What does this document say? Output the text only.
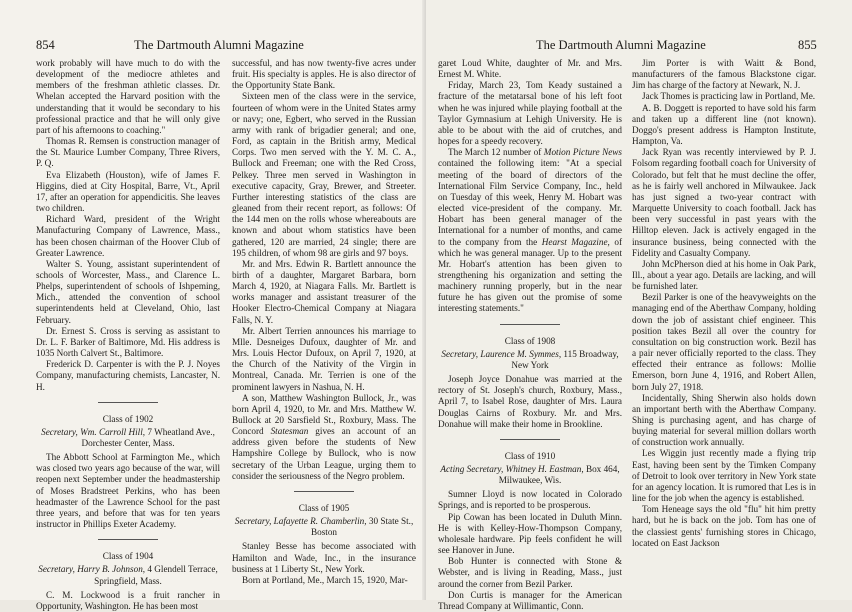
854	The Dartmouth Alumni Magazine

work probably will have much to do with the development of the mediocre athletes and members of the freshman athletic classes. Dr. Whelan accepted the Harvard position with the understanding that it would be secondary to his professional practice and that he will only give part of his afternoons to coaching."

Thomas R. Remsen is construction manager of the St. Maurice Lumber Company, Three Rivers, P. Q.

Eva Elizabeth (Houston), wife of James F. Higgins, died at City Hospital, Barre, Vt., April 17, after an operation for appendicitis. She leaves two children.

Richard Ward, president of the Wright Manufacturing Company of Lawrence, Mass., has been chosen chairman of the Hoover Club of Greater Lawrence.

Walter S. Young, assistant superintendent of schools of Worcester, Mass., and Clarence L. Phelps, superintendent of schools of Ishpeming, Mich., attended the convention of school superintendents held at Cleveland, Ohio, last February.

Dr. Ernest S. Cross is serving as assistant to Dr. L. F. Barker of Baltimore, Md. His address is 1035 North Calvert St., Baltimore.

Frederick D. Carpenter is with the P. J. Noyes Company, manufacturing chemists, Lancaster, N. H.

Class of 1902

Secretary, Wm. Carroll Hill, 7 Wheatland Ave., Dorchester Center, Mass.

The Abbott School at Farmington Me., which was closed two years ago because of the war, will reopen next September under the headmastership of Moses Bradstreet Perkins, who has been headmaster of the Lawrence School for the past three years, and before that was for ten years instructor in Phillips Exeter Academy.

Class of 1904

Secretary, Harry B. Johnson, 4 Glendell Terrace, Springfield, Mass.

C. M. Lockwood is a fruit rancher in Opportunity, Washington. He has been most

successful, and has now twenty-five acres under fruit. His specialty is apples. He is also director of the Opportunity State Bank.

Sixteen men of the class were in the service, fourteen of whom were in the United States army or navy; one, Egbert, who served in the Russian army with rank of brigadier general; and one, Ford, as captain in the British army, Medical Corps. Two men served with the Y. M. C. A., Bullock and Freeman; one with the Red Cross, Pelkey. Three men served in Washington in executive capacity, Gray, Brewer, and Streeter. Further interesting statistics of the class are gleaned from their recent report, as follows: Of the 144 men on the rolls whose whereabouts are known and about whom statistics have been gathered, 120 are married, 24 single; there are 195 children, of whom 98 are girls and 97 boys.

Mr. and Mrs. Edwin R. Bartlett announce the birth of a daughter, Margaret Barbara, born March 4, 1920, at Niagara Falls. Mr. Bartlett is works manager and assistant treasurer of the Hooker Electro-Chemical Company at Niagara Falls, N. Y.

Mr. Albert Terrien announces his marriage to Mlle. Desneiges Dufoux, daughter of Mr. and Mrs. Louis Hector Dufoux, on April 7, 1920, at the Church of the Nativity of the Virgin in Montreal, Canada. Mr. Terrien is one of the prominent lawyers in Nashua, N. H.

A son, Matthew Washington Bullock, Jr., was born April 4, 1920, to Mr. and Mrs. Matthew W. Bullock at 20 Sarsfield St., Roxbury, Mass. The Concord Statesman gives an account of an address given before the students of New Hampshire College by Bullock, who is now secretary of the Urban League, urging them to consider the seriousness of the Negro problem.

Class of 1905

Secretary, Lafayette R. Chamberlin, 30 State St., Boston

Stanley Besse has become associated with Hamilton and Wade, Inc., in the insurance business at 1 Liberty St., New York.

Born at Portland, Me., March 15, 1920, Mar-

The Dartmouth Alumni Magazine	855

garet Loud White, daughter of Mr. and Mrs. Ernest M. White.

Friday, March 23, Tom Keady sustained a fracture of the metatarsal bone of his left foot when he was injured while playing football at the Taylor Gymnasium at Lehigh University. He is able to be about with the aid of crutches, and hopes for a speedy recovery.

The March 12 number of Motion Picture News contained the following item: "At a special meeting of the board of directors of the International Film Service Company, Inc., held on Tuesday of this week, Henry M. Hobart was elected vice-president of the company. Mr. Hobart has been general manager of the International for a number of months, and came to the company from the Hearst Magazine, of which he was general manager. Up to the present Mr. Hobart's attention has been given to strengthening his organization and setting the machinery running properly, but in the near future he has given out the promise of some interesting statements."

Class of 1908

Secretary, Laurence M. Symmes, 115 Broadway, New York

Joseph Joyce Donahue was married at the rectory of St. Joseph's church, Roxbury, Mass., April 7, to Isabel Rose, daughter of Mrs. Laura Douglas Cairns of Roxbury. Mr. and Mrs. Donahue will make their home in Brookline.

Class of 1910

Acting Secretary, Whitney H. Eastman, Box 464, Milwaukee, Wis.

Sumner Lloyd is now located in Colorado Springs, and is reported to be prosperous.

Pip Cowan has been located in Duluth Minn. He is with Kelley-How-Thompson Company, wholesale hardware. Pip feels confident he will see Hanover in June.

Bob Hunter is connected with Stone & Webster, and is living in Reading, Mass., just around the corner from Bezil Parker.

Don Curtis is manager for the American Thread Company at Willimantic, Conn.

Jim Porter is with Waitt & Bond, manufacturers of the famous Blackstone cigar. Jim has charge of the factory at Newark, N. J.

Jack Thomes is practicing law in Portland, Me.

A. B. Doggett is reported to have sold his farm and taken up a different line (not known). Doggo's present address is Hampton Institute, Hampton, Va.

Jack Ryan was recently interviewed by P. J. Folsom regarding football coach for University of Colorado, but felt that he must decline the offer, as he is fairly well anchored in Milwaukee. Jack has just signed a two-year contract with Marquette University to coach football. Jack has been very successful in past years with the Hilltop eleven. Jack is actively engaged in the insurance business, being connected with the Fidelity and Casualty Company.

John McPherson died at his home in Oak Park, Ill., about a year ago. Details are lacking, and will be furnished later.

Bezil Parker is one of the heavyweights on the managing end of the Aberthaw Company, holding down the job of assistant chief engineer. This position takes Bezil all over the country for consultation on big construction work. Bezil has a pair never officially reported to the class. They effected their entrance as follows: Mollie Emerson, born June 4, 1916, and Robert Allen, born July 27, 1918.

Incidentally, Shing Sherwin also holds down an important berth with the Aberthaw Company. Shing is purchasing agent, and has charge of buying material for several million dollars worth of construction work annually.

Les Wiggin just recently made a flying trip East, having been sent by the Timken Company of Detroit to look over territory in New York state for an agency location. It is rumored that Les is in line for the job when the agency is established.

Tom Heneage says the old "flu" hit him pretty hard, but he is back on the job. Tom has one of the classiest gents' furnishing stores in Chicago, located on East Jackson
